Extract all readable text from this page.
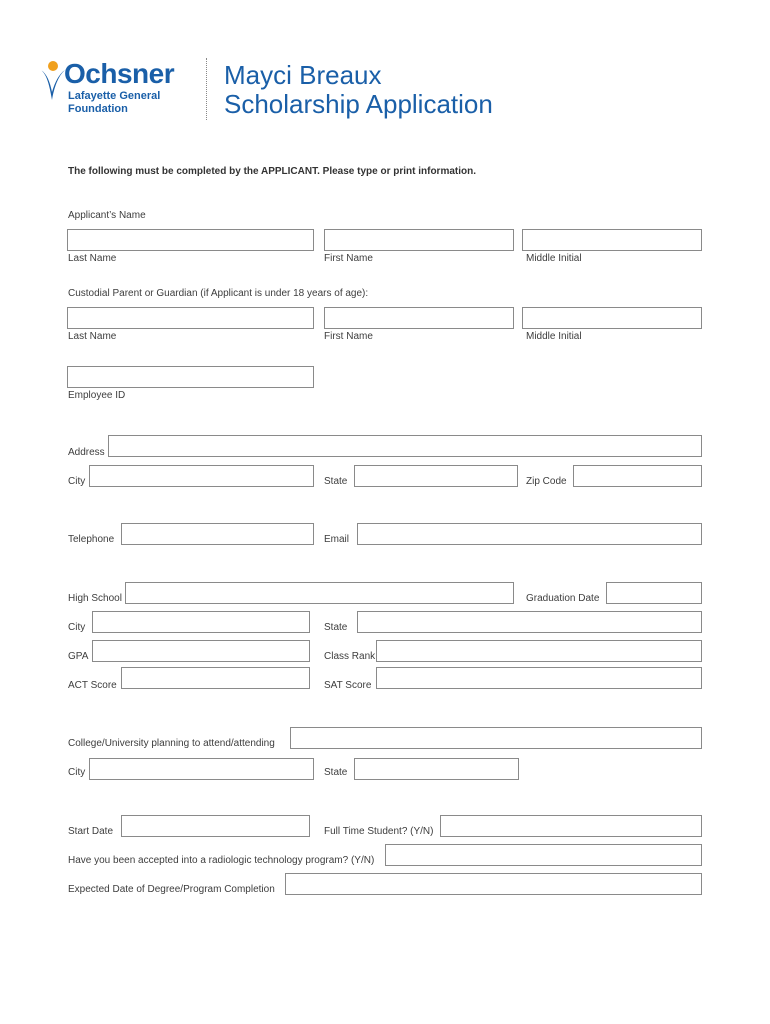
Ochsner
Lafayette General
Foundation
Mayci Breaux
Scholarship Application
The following must be completed by the APPLICANT. Please type or print information.
Applicant’s Name
Last Name	First Name	Middle Initial
Custodial Parent or Guardian (if Applicant is under 18 years of age):
Last Name	First Name	Middle Initial
Employee ID
Address
City	State	Zip Code
Telephone	Email
High School	Graduation Date
City	State
GPA	Class Rank
ACT Score	SAT Score
College/University planning to attend/attending
City	State
Start Date	Full Time Student? (Y/N)
Have you been accepted into a radiologic technology program? (Y/N)
Expected Date of Degree/Program Completion
